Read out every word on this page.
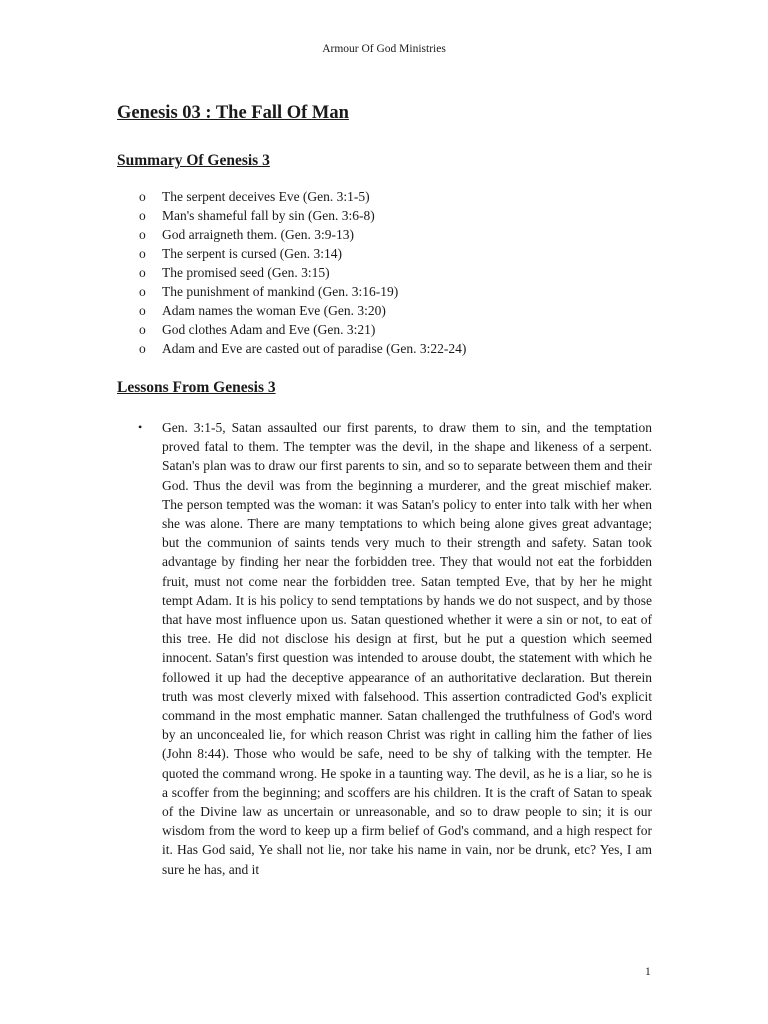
Armour Of God Ministries
Genesis 03 : The Fall Of Man
Summary Of Genesis 3
o The serpent deceives Eve (Gen. 3:1-5)
o Man's shameful fall by sin (Gen. 3:6-8)
o God arraigneth them. (Gen. 3:9-13)
o The serpent is cursed (Gen. 3:14)
o The promised seed (Gen. 3:15)
o The punishment of mankind (Gen. 3:16-19)
o Adam names the woman Eve (Gen. 3:20)
o God clothes Adam and Eve (Gen. 3:21)
o Adam and Eve are casted out of paradise (Gen. 3:22-24)
Lessons From Genesis 3
• Gen. 3:1-5, Satan assaulted our first parents, to draw them to sin, and the temptation proved fatal to them. The tempter was the devil, in the shape and likeness of a serpent. Satan's plan was to draw our first parents to sin, and so to separate between them and their God. Thus the devil was from the beginning a murderer, and the great mischief maker. The person tempted was the woman: it was Satan's policy to enter into talk with her when she was alone. There are many temptations to which being alone gives great advantage; but the communion of saints tends very much to their strength and safety. Satan took advantage by finding her near the forbidden tree. They that would not eat the forbidden fruit, must not come near the forbidden tree. Satan tempted Eve, that by her he might tempt Adam. It is his policy to send temptations by hands we do not suspect, and by those that have most influence upon us. Satan questioned whether it were a sin or not, to eat of this tree. He did not disclose his design at first, but he put a question which seemed innocent. Satan's first question was intended to arouse doubt, the statement with which he followed it up had the deceptive appearance of an authoritative declaration. But therein truth was most cleverly mixed with falsehood. This assertion contradicted God's explicit command in the most emphatic manner. Satan challenged the truthfulness of God's word by an unconcealed lie, for which reason Christ was right in calling him the father of lies (John 8:44). Those who would be safe, need to be shy of talking with the tempter. He quoted the command wrong. He spoke in a taunting way. The devil, as he is a liar, so he is a scoffer from the beginning; and scoffers are his children. It is the craft of Satan to speak of the Divine law as uncertain or unreasonable, and so to draw people to sin; it is our wisdom from the word to keep up a firm belief of God's command, and a high respect for it. Has God said, Ye shall not lie, nor take his name in vain, nor be drunk, etc? Yes, I am sure he has, and it

1
